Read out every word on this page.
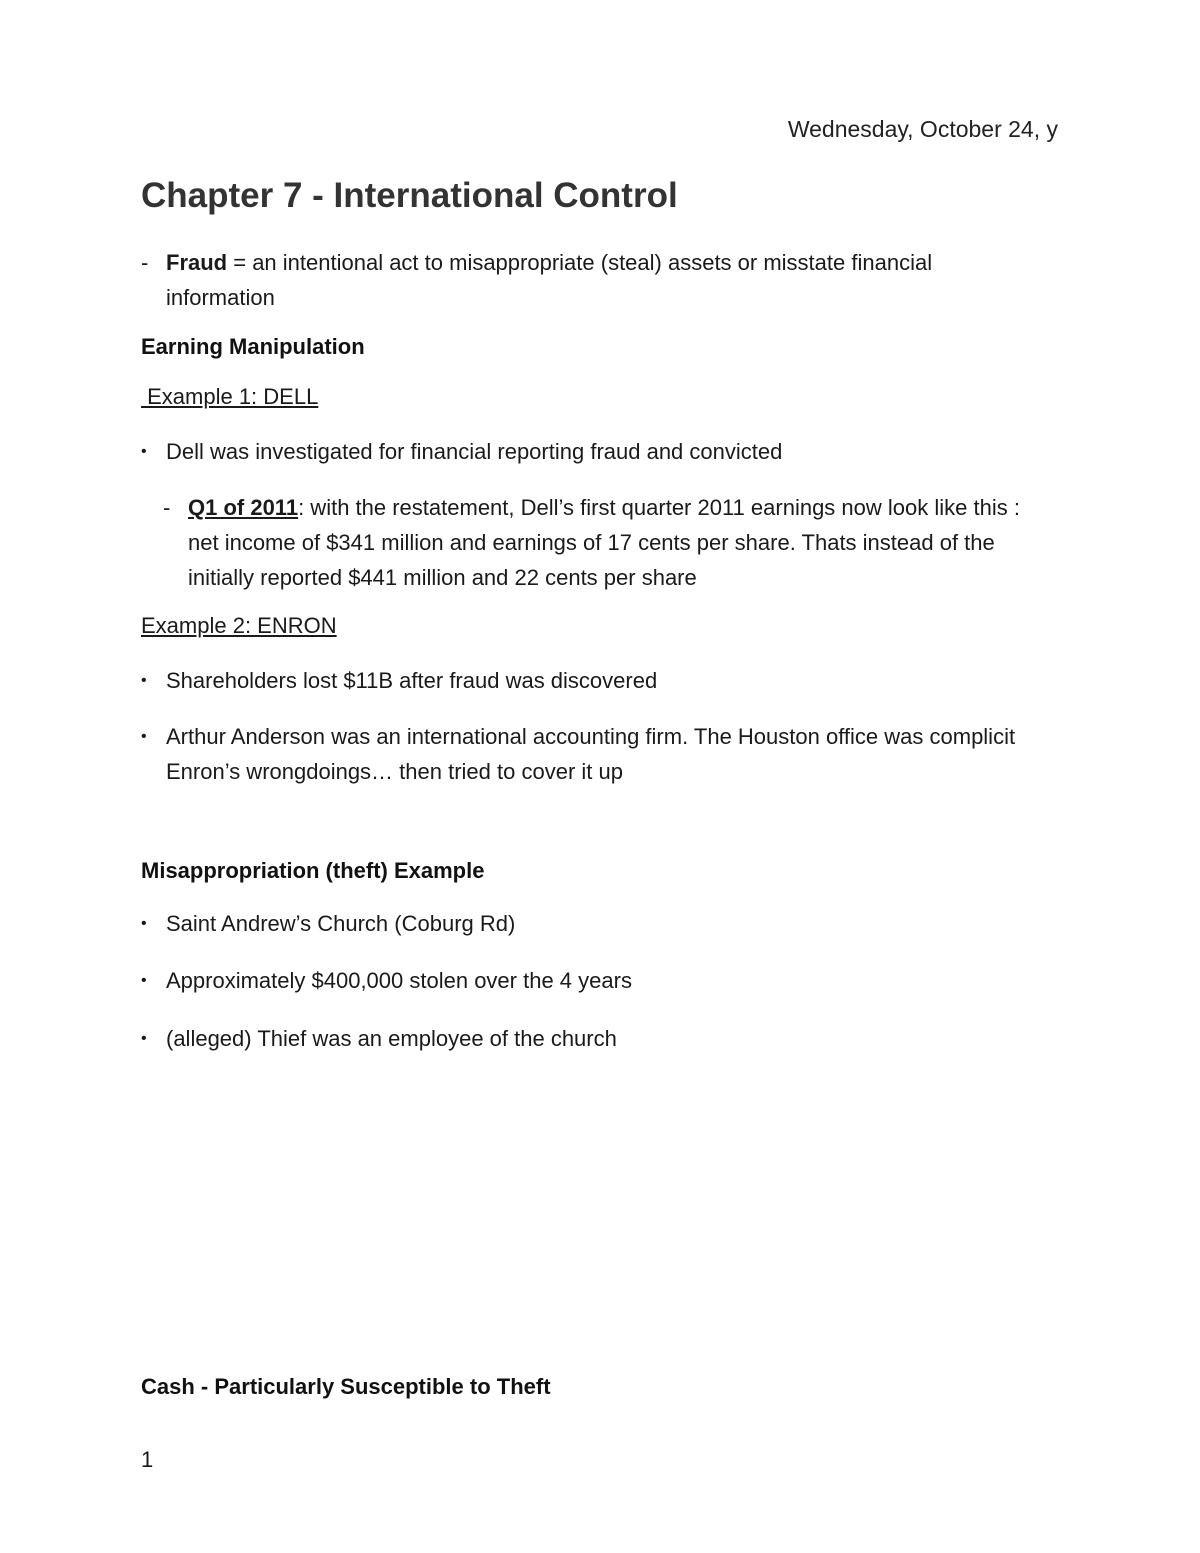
Wednesday, October 24, y

Chapter 7 - International Control
- Fraud = an intentional act to misappropriate (steal) assets or misstate financial information

Earning Manipulation

Example 1: DELL

• Dell was investigated for financial reporting fraud and convicted
- Q1 of 2011: with the restatement, Dell’s first quarter 2011 earnings now look like this : net income of $341 million and earnings of 17 cents per share. Thats instead of the initially reported $441 million and 22 cents per share

Example 2: ENRON

• Shareholders lost $11B after fraud was discovered
• Arthur Anderson was an international accounting firm. The Houston office was complicit Enron’s wrongdoings… then tried to cover it up

Misappropriation (theft) Example

• Saint Andrew’s Church (Coburg Rd)
• Approximately $400,000 stolen over the 4 years
• (alleged) Thief was an employee of the church

Cash - Particularly Susceptible to Theft

1
